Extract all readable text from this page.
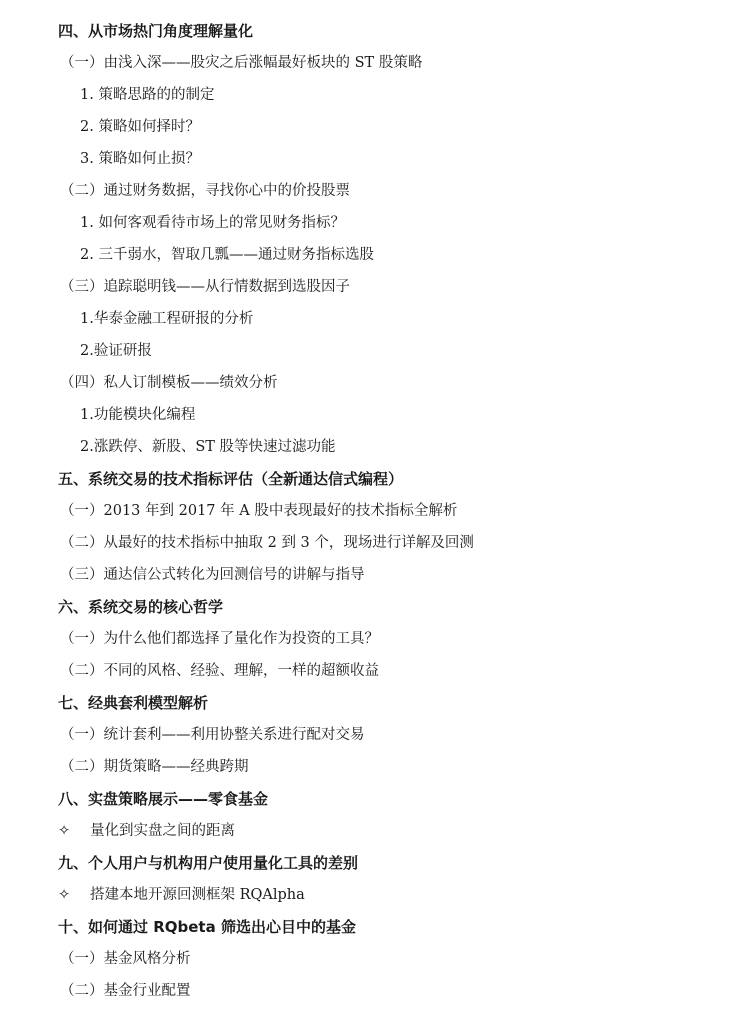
四、从市场热门角度理解量化
（一）由浅入深——股灾之后涨幅最好板块的 ST 股策略
1. 策略思路的的制定
2. 策略如何择时？
3. 策略如何止损？
（二）通过财务数据，寻找你心中的价投股票
1. 如何客观看待市场上的常见财务指标？
2. 三千弱水，智取几瓢——通过财务指标选股
（三）追踪聪明钱——从行情数据到选股因子
1.华泰金融工程研报的分析
2.验证研报
（四）私人订制模板——绩效分析
1.功能模块化编程
2.涨跌停、新股、ST 股等快速过滤功能
五、系统交易的技术指标评估（全新通达信式编程）
（一）2013 年到 2017 年 A 股中表现最好的技术指标全解析
（二）从最好的技术指标中抽取 2 到 3 个，现场进行详解及回测
（三）通达信公式转化为回测信号的讲解与指导
六、系统交易的核心哲学
（一）为什么他们都选择了量化作为投资的工具？
（二）不同的风格、经验、理解，一样的超额收益
七、经典套利模型解析
（一）统计套利——利用协整关系进行配对交易
（二）期货策略——经典跨期
八、实盘策略展示——零食基金
✧ 量化到实盘之间的距离
九、个人用户与机构用户使用量化工具的差别
✧ 搭建本地开源回测框架 RQAlpha
十、如何通过 RQbeta 筛选出心目中的基金
（一）基金风格分析
（二）基金行业配置
